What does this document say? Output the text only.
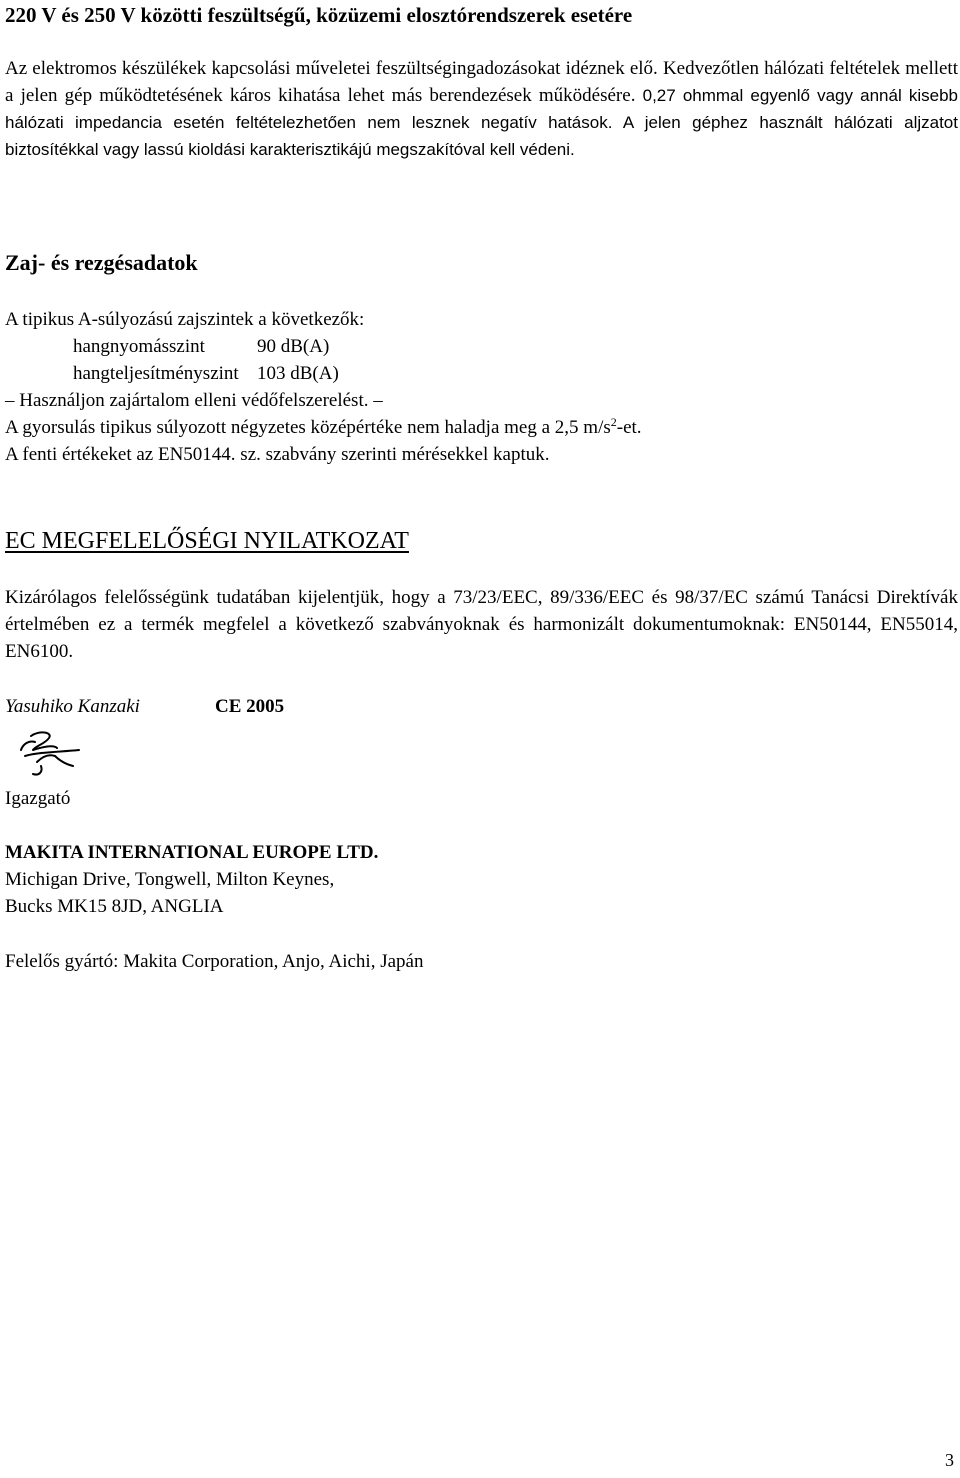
220 V és 250 V közötti feszültségű, közüzemi elosztórendszerek esetére
Az elektromos készülékek kapcsolási műveletei feszültségingadozásokat idéznek elő. Kedvezőtlen hálózati feltételek mellett a jelen gép működtetésének káros kihatása lehet más berendezések működésére. 0,27 ohmmal egyenlő vagy annál kisebb hálózati impedancia esetén feltételezhetően nem lesznek negatív hatások. A jelen géphez használt hálózati aljzatot biztosítékkal vagy lassú kioldási karakterisztikájú megszakítóval kell védeni.
Zaj- és rezgésadatok

A tipikus A-súlyozású zajszintek a következők:

hangnyomásszint	90 dB(A)

hangteljesítményszint 103 dB(A)

– Használjon zajártalom elleni védőfelszerelést. –

A gyorsulás tipikus súlyozott négyzetes középértéke nem haladja meg a 2,5 $m/s^2-et$.

A fenti értékeket az EN50144. sz. szabvány szerinti mérésekkel kaptuk.

EC MEGFELELŐSÉGI NYILATKOZAT

Kizárólagos felelősségünk tudatában kijelentjük, hogy a 73/23/EEC, 89/336/EEC és 98/37/EC számú Tanácsi Direktívák értelmében ez a termék megfelel a következő szabványoknak és harmonizált dokumentumoknak: EN50144, EN55014, EN6100.

Yasuhiko Kanzaki	CE 2005
Igazgató

MAKITA INTERNATIONAL EUROPE LTD.

Michigan Drive, Tongwell, Milton Keynes,

Bucks MK15 8JD, ANGLIA

Felelős gyártó: Makita Corporation, Anjo, Aichi, Japán
3
